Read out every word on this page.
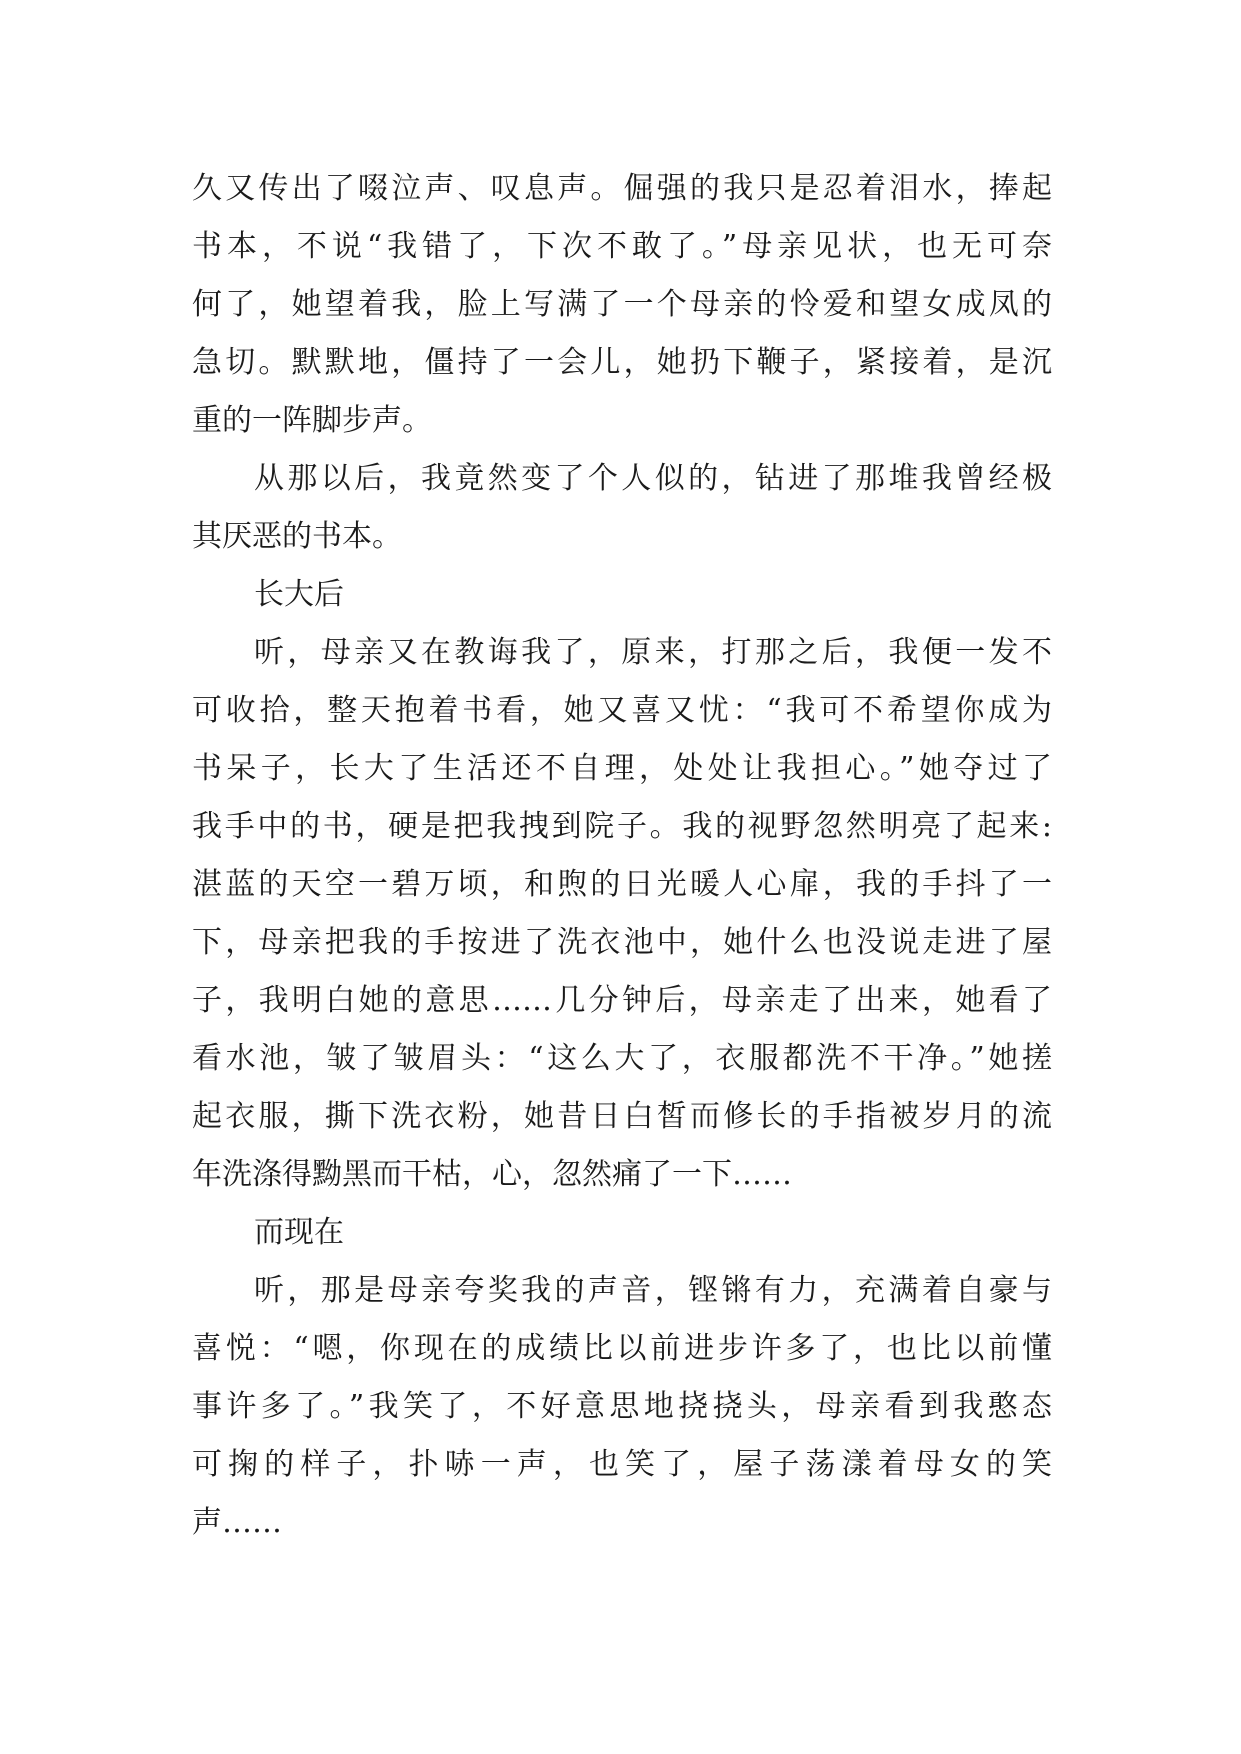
久又传出了啜泣声、叹息声。倔强的我只是忍着泪水，捧起
书本，不说“我错了，下次不敢了。”母亲见状，也无可奈
何了，她望着我，脸上写满了一个母亲的怜爱和望女成凤的
急切。默默地，僵持了一会儿，她扔下鞭子，紧接着，是沉
重的一阵脚步声。
从那以后，我竟然变了个人似的，钻进了那堆我曾经极
其厌恶的书本。
长大后
听，母亲又在教诲我了，原来，打那之后，我便一发不
可收拾，整天抱着书看，她又喜又忧：“我可不希望你成为
书呆子，长大了生活还不自理，处处让我担心。”她夺过了
我手中的书，硬是把我拽到院子。我的视野忽然明亮了起来:
湛蓝的天空一碧万顷，和煦的日光暖人心扉，我的手抖了一
下，母亲把我的手按进了洗衣池中，她什么也没说走进了屋
子，我明白她的意思……几分钟后，母亲走了出来，她看了
看水池，皱了皱眉头：“这么大了，衣服都洗不干净。”她搓
起衣服，撕下洗衣粉，她昔日白皙而修长的手指被岁月的流
年洗涤得黝黑而干枯，心，忽然痛了一下……
而现在
听，那是母亲夸奖我的声音，铿锵有力，充满着自豪与
喜悦：“嗯，你现在的成绩比以前进步许多了，也比以前懂
事许多了。”我笑了，不好意思地挠挠头，母亲看到我憨态
可掬的样子，扑哧一声，也笑了，屋子荡漾着母女的笑
声……
